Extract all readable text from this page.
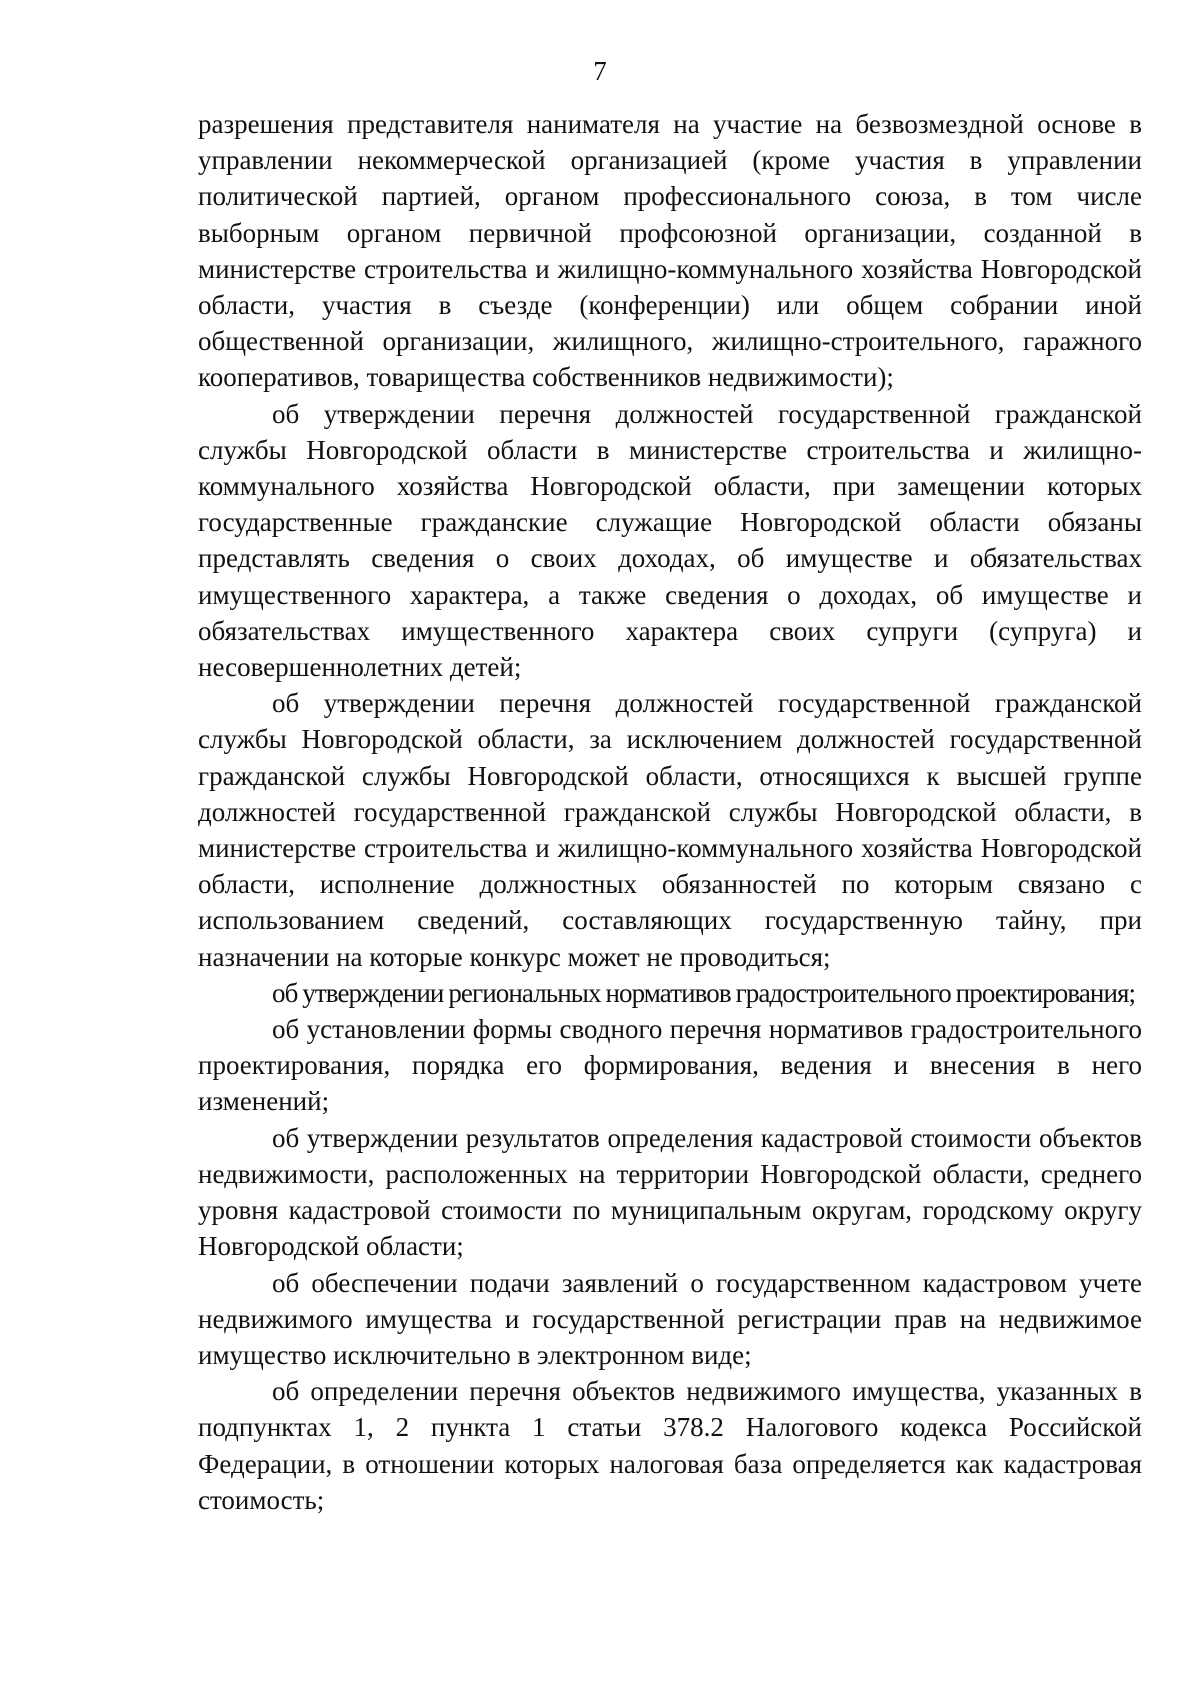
7

разрешения представителя нанимателя на участие на безвозмездной основе в управлении некоммерческой организацией (кроме участия в управлении политической партией, органом профессионального союза, в том числе выборным органом первичной профсоюзной организации, созданной в министерстве строительства и жилищно-коммунального хозяйства Новгородской области, участия в съезде (конференции) или общем собрании иной общественной организации, жилищного, жилищно-строительного, гаражного кооперативов, товарищества собственников недвижимости);

об утверждении перечня должностей государственной гражданской службы Новгородской области в министерстве строительства и жилищно-коммунального хозяйства Новгородской области, при замещении которых государственные гражданские служащие Новгородской области обязаны представлять сведения о своих доходах, об имуществе и обязательствах имущественного характера, а также сведения о доходах, об имуществе и обязательствах имущественного характера своих супруги (супруга) и несовершеннолетних детей;

об утверждении перечня должностей государственной гражданской службы Новгородской области, за исключением должностей государственной гражданской службы Новгородской области, относящихся к высшей группе должностей государственной гражданской службы Новгородской области, в министерстве строительства и жилищно-коммунального хозяйства Новгородской области, исполнение должностных обязанностей по которым связано с использованием сведений, составляющих государственную тайну, при назначении на которые конкурс может не проводиться;

об утверждении региональных нормативов градостроительного проектирования;

об установлении формы сводного перечня нормативов градостроительного проектирования, порядка его формирования, ведения и внесения в него изменений;

об утверждении результатов определения кадастровой стоимости объектов недвижимости, расположенных на территории Новгородской области, среднего уровня кадастровой стоимости по муниципальным округам, городскому округу Новгородской области;

об обеспечении подачи заявлений о государственном кадастровом учете недвижимого имущества и государственной регистрации прав на недвижимое имущество исключительно в электронном виде;

об определении перечня объектов недвижимого имущества, указанных в подпунктах 1, 2 пункта 1 статьи 378.2 Налогового кодекса Российской Федерации, в отношении которых налоговая база определяется как кадастровая стоимость;
